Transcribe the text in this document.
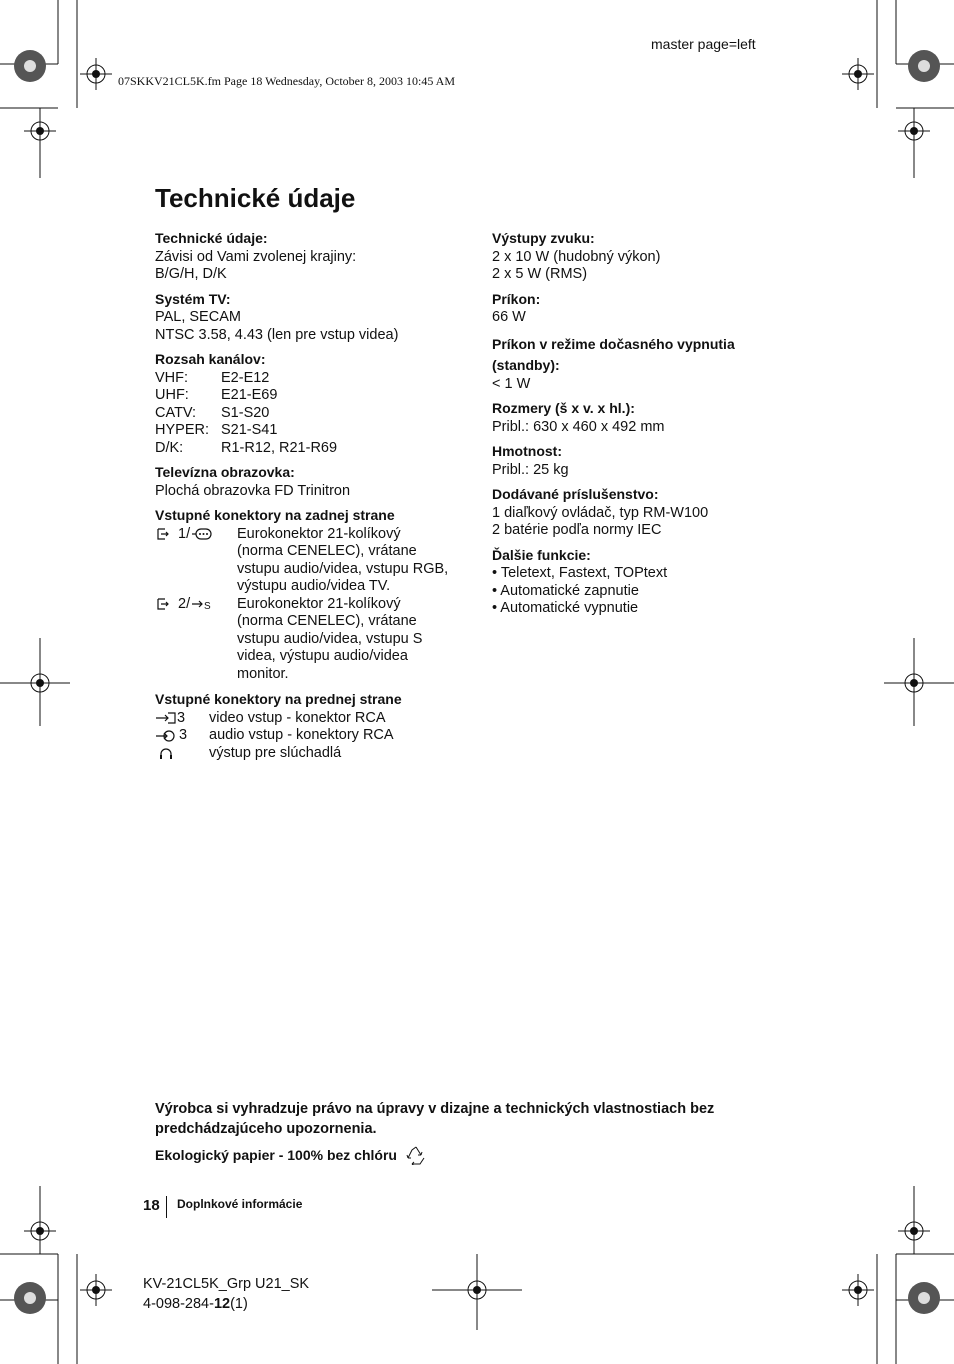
master page=left
07SKKV21CL5K.fm Page 18 Wednesday, October 8, 2003 10:45 AM
Technické údaje
Technické údaje:
Závisi od Vami zvolenej krajiny:
B/G/H, D/K
Systém TV:
PAL, SECAM
NTSC 3.58, 4.43 (len pre vstup videa)
Rozsah kanálov:
VHF:	E2-E12
UHF:	E21-E69
CATV:	S1-S20
HYPER: S21-S41
D/K:	R1-R12, R21-R69
Televízna obrazovka:
Plochá obrazovka FD Trinitron
Vstupné konektory na zadnej strane
1/	Eurokonektor 21-kolíkový
(norma CENELEC), vrátane
vstupu audio/videa, vstupu RGB,
výstupu audio/videa TV.
2/ S Eurokonektor 21-kolíkový
(norma CENELEC), vrátane
vstupu audio/videa, vstupu S
videa, výstupu audio/videa
monitor.
Vstupné konektory na prednej strane
3 video vstup - konektor RCA
3 audio vstup - konektory RCA
výstup pre slúchadlá
Výstupy zvuku:
2 x 10 W (hudobný výkon)
2 x 5 W (RMS)
Príkon:
66 W
Príkon v režime dočasného vypnutia
(standby):
< 1 W
Rozmery (š x v. x hl.):
Pribl.: 630 x 460 x 492 mm
Hmotnost:
Pribl.: 25 kg
Dodávané príslušenstvo:
1 diaľkový ovládač, typ RM-W100
2 batérie podľa normy IEC
Ďalšie funkcie:
• Teletext, Fastext, TOPtext
• Automatické zapnutie
• Automatické vypnutie
Výrobca si vyhradzuje právo na úpravy v dizajne a technických vlastnostiach bez
predchádzajúceho upozornenia.
Ekologický papier - 100% bez chlóru
18 Doplnkové informácie
KV-21CL5K_Grp U21_SK
4-098-284-12(1)
